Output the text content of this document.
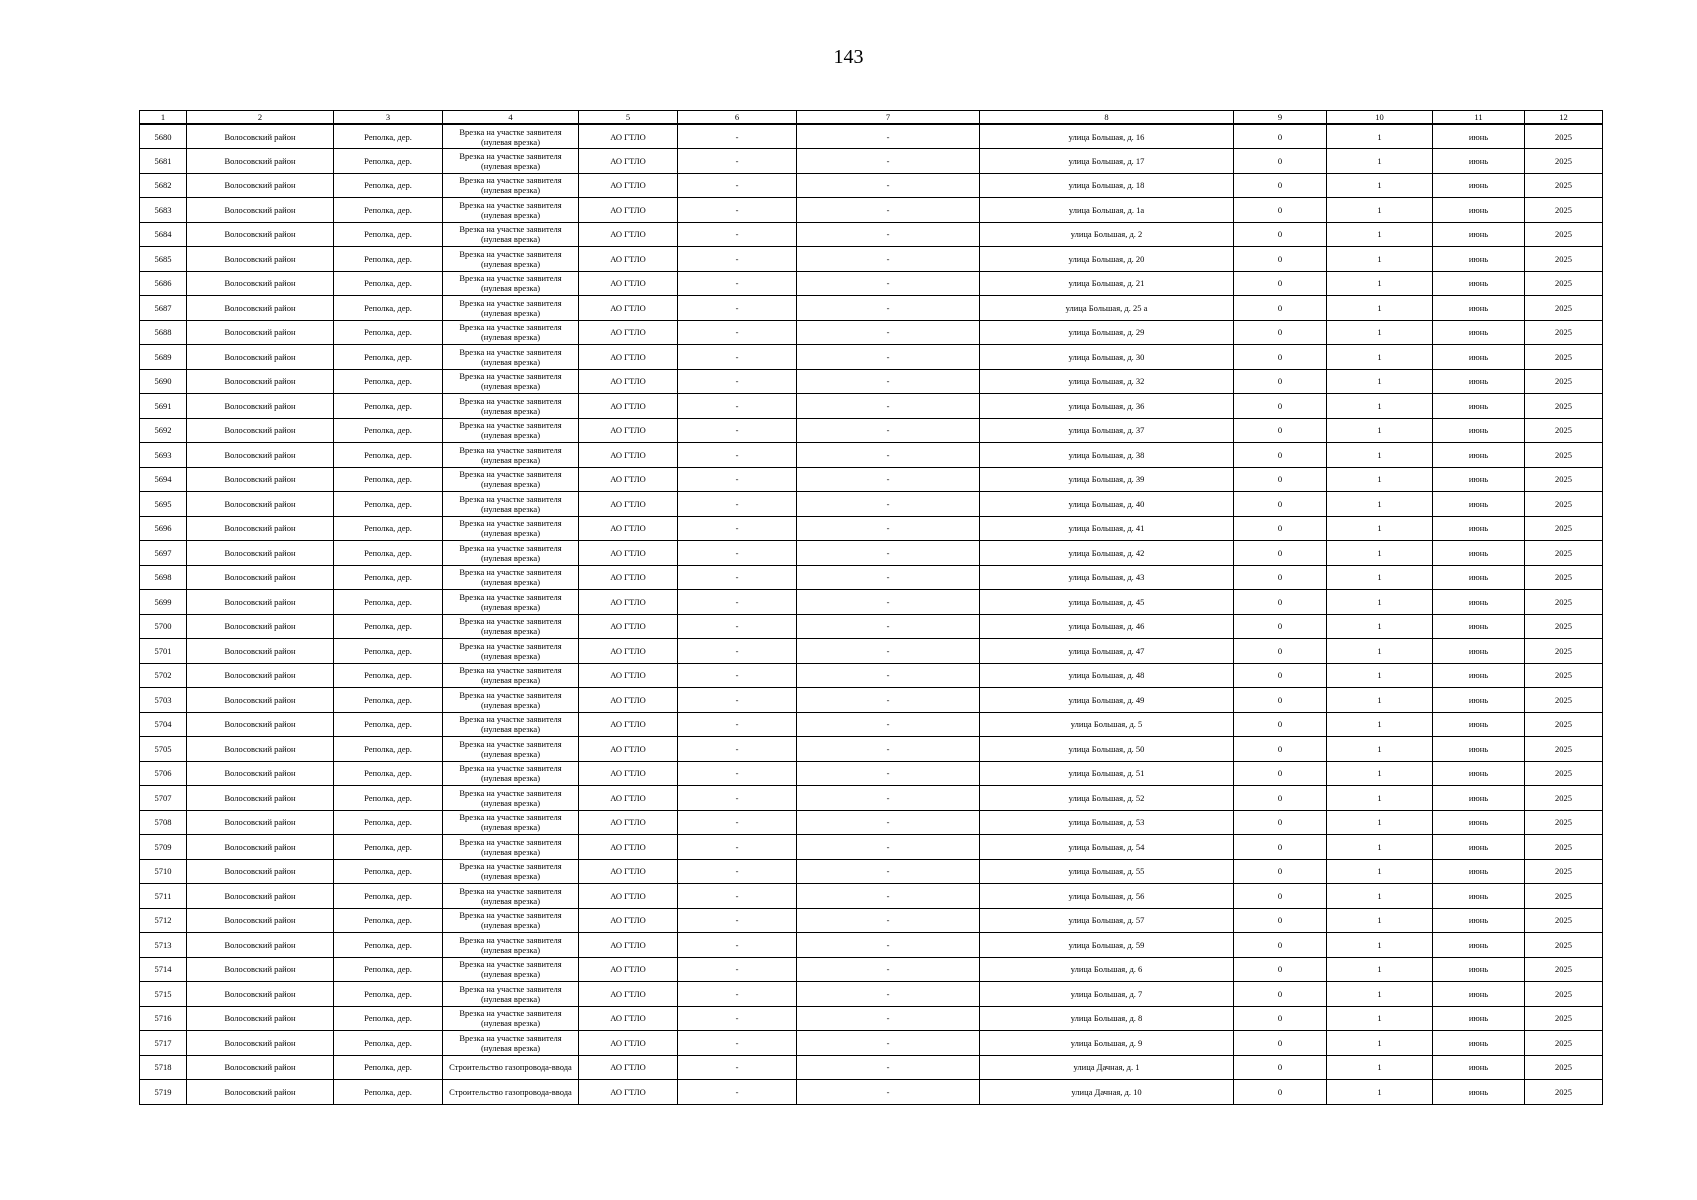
143
1	2	3	4	5	6	7	8	9	10	11	12
5680	Волосовский район	Реполка, дер.	Врезка на участке заявителя
(нулевая врезка)	АО ГТЛО	-	-	улица Большая, д. 16	0	1	июнь	2025
5681	Волосовский район	Реполка, дер.	Врезка на участке заявителя
(нулевая врезка)	АО ГТЛО	-	-	улица Большая, д. 17	0	1	июнь	2025
5682	Волосовский район	Реполка, дер.	Врезка на участке заявителя
(нулевая врезка)	АО ГТЛО	-	-	улица Большая, д. 18	0	1	июнь	2025
5683	Волосовский район	Реполка, дер.	Врезка на участке заявителя
(нулевая врезка)	АО ГТЛО	-	-	улица Большая, д. 1а	0	1	июнь	2025
5684	Волосовский район	Реполка, дер.	Врезка на участке заявителя
(нулевая врезка)	АО ГТЛО	-	-	улица Большая, д. 2	0	1	июнь	2025
5685	Волосовский район	Реполка, дер.	Врезка на участке заявителя
(нулевая врезка)	АО ГТЛО	-	-	улица Большая, д. 20	0	1	июнь	2025
5686	Волосовский район	Реполка, дер.	Врезка на участке заявителя
(нулевая врезка)	АО ГТЛО	-	-	улица Большая, д. 21	0	1	июнь	2025
5687	Волосовский район	Реполка, дер.	Врезка на участке заявителя
(нулевая врезка)	АО ГТЛО	-	-	улица Большая, д. 25 а	0	1	июнь	2025
5688	Волосовский район	Реполка, дер.	Врезка на участке заявителя
(нулевая врезка)	АО ГТЛО	-	-	улица Большая, д. 29	0	1	июнь	2025
5689	Волосовский район	Реполка, дер.	Врезка на участке заявителя
(нулевая врезка)	АО ГТЛО	-	-	улица Большая, д. 30	0	1	июнь	2025
5690	Волосовский район	Реполка, дер.	Врезка на участке заявителя
(нулевая врезка)	АО ГТЛО	-	-	улица Большая, д. 32	0	1	июнь	2025
5691	Волосовский район	Реполка, дер.	Врезка на участке заявителя
(нулевая врезка)	АО ГТЛО	-	-	улица Большая, д. 36	0	1	июнь	2025
5692	Волосовский район	Реполка, дер.	Врезка на участке заявителя
(нулевая врезка)	АО ГТЛО	-	-	улица Большая, д. 37	0	1	июнь	2025
5693	Волосовский район	Реполка, дер.	Врезка на участке заявителя
(нулевая врезка)	АО ГТЛО	-	-	улица Большая, д. 38	0	1	июнь	2025
5694	Волосовский район	Реполка, дер.	Врезка на участке заявителя
(нулевая врезка)	АО ГТЛО	-	-	улица Большая, д. 39	0	1	июнь	2025
5695	Волосовский район	Реполка, дер.	Врезка на участке заявителя
(нулевая врезка)	АО ГТЛО	-	-	улица Большая, д. 40	0	1	июнь	2025
5696	Волосовский район	Реполка, дер.	Врезка на участке заявителя
(нулевая врезка)	АО ГТЛО	-	-	улица Большая, д. 41	0	1	июнь	2025
5697	Волосовский район	Реполка, дер.	Врезка на участке заявителя
(нулевая врезка)	АО ГТЛО	-	-	улица Большая, д. 42	0	1	июнь	2025
5698	Волосовский район	Реполка, дер.	Врезка на участке заявителя
(нулевая врезка)	АО ГТЛО	-	-	улица Большая, д. 43	0	1	июнь	2025
5699	Волосовский район	Реполка, дер.	Врезка на участке заявителя
(нулевая врезка)	АО ГТЛО	-	-	улица Большая, д. 45	0	1	июнь	2025
5700	Волосовский район	Реполка, дер.	Врезка на участке заявителя
(нулевая врезка)	АО ГТЛО	-	-	улица Большая, д. 46	0	1	июнь	2025
5701	Волосовский район	Реполка, дер.	Врезка на участке заявителя
(нулевая врезка)	АО ГТЛО	-	-	улица Большая, д. 47	0	1	июнь	2025
5702	Волосовский район	Реполка, дер.	Врезка на участке заявителя
(нулевая врезка)	АО ГТЛО	-	-	улица Большая, д. 48	0	1	июнь	2025
5703	Волосовский район	Реполка, дер.	Врезка на участке заявителя
(нулевая врезка)	АО ГТЛО	-	-	улица Большая, д. 49	0	1	июнь	2025
5704	Волосовский район	Реполка, дер.	Врезка на участке заявителя
(нулевая врезка)	АО ГТЛО	-	-	улица Большая, д. 5	0	1	июнь	2025
5705	Волосовский район	Реполка, дер.	Врезка на участке заявителя
(нулевая врезка)	АО ГТЛО	-	-	улица Большая, д. 50	0	1	июнь	2025
5706	Волосовский район	Реполка, дер.	Врезка на участке заявителя
(нулевая врезка)	АО ГТЛО	-	-	улица Большая, д. 51	0	1	июнь	2025
5707	Волосовский район	Реполка, дер.	Врезка на участке заявителя
(нулевая врезка)	АО ГТЛО	-	-	улица Большая, д. 52	0	1	июнь	2025
5708	Волосовский район	Реполка, дер.	Врезка на участке заявителя
(нулевая врезка)	АО ГТЛО	-	-	улица Большая, д. 53	0	1	июнь	2025
5709	Волосовский район	Реполка, дер.	Врезка на участке заявителя
(нулевая врезка)	АО ГТЛО	-	-	улица Большая, д. 54	0	1	июнь	2025
5710	Волосовский район	Реполка, дер.	Врезка на участке заявителя
(нулевая врезка)	АО ГТЛО	-	-	улица Большая, д. 55	0	1	июнь	2025
5711	Волосовский район	Реполка, дер.	Врезка на участке заявителя
(нулевая врезка)	АО ГТЛО	-	-	улица Большая, д. 56	0	1	июнь	2025
5712	Волосовский район	Реполка, дер.	Врезка на участке заявителя
(нулевая врезка)	АО ГТЛО	-	-	улица Большая, д. 57	0	1	июнь	2025
5713	Волосовский район	Реполка, дер.	Врезка на участке заявителя
(нулевая врезка)	АО ГТЛО	-	-	улица Большая, д. 59	0	1	июнь	2025
5714	Волосовский район	Реполка, дер.	Врезка на участке заявителя
(нулевая врезка)	АО ГТЛО	-	-	улица Большая, д. 6	0	1	июнь	2025
5715	Волосовский район	Реполка, дер.	Врезка на участке заявителя
(нулевая врезка)	АО ГТЛО	-	-	улица Большая, д. 7	0	1	июнь	2025
5716	Волосовский район	Реполка, дер.	Врезка на участке заявителя
(нулевая врезка)	АО ГТЛО	-	-	улица Большая, д. 8	0	1	июнь	2025
5717	Волосовский район	Реполка, дер.	Врезка на участке заявителя
(нулевая врезка)	АО ГТЛО	-	-	улица Большая, д. 9	0	1	июнь	2025
5718	Волосовский район	Реполка, дер.	Строительство газопровода-ввода	АО ГТЛО	-	-	улица Дачная, д. 1	0	1	июнь	2025
5719	Волосовский район	Реполка, дер.	Строительство газопровода-ввода	АО ГТЛО	-	-	улица Дачная, д. 10	0	1	июнь	2025
